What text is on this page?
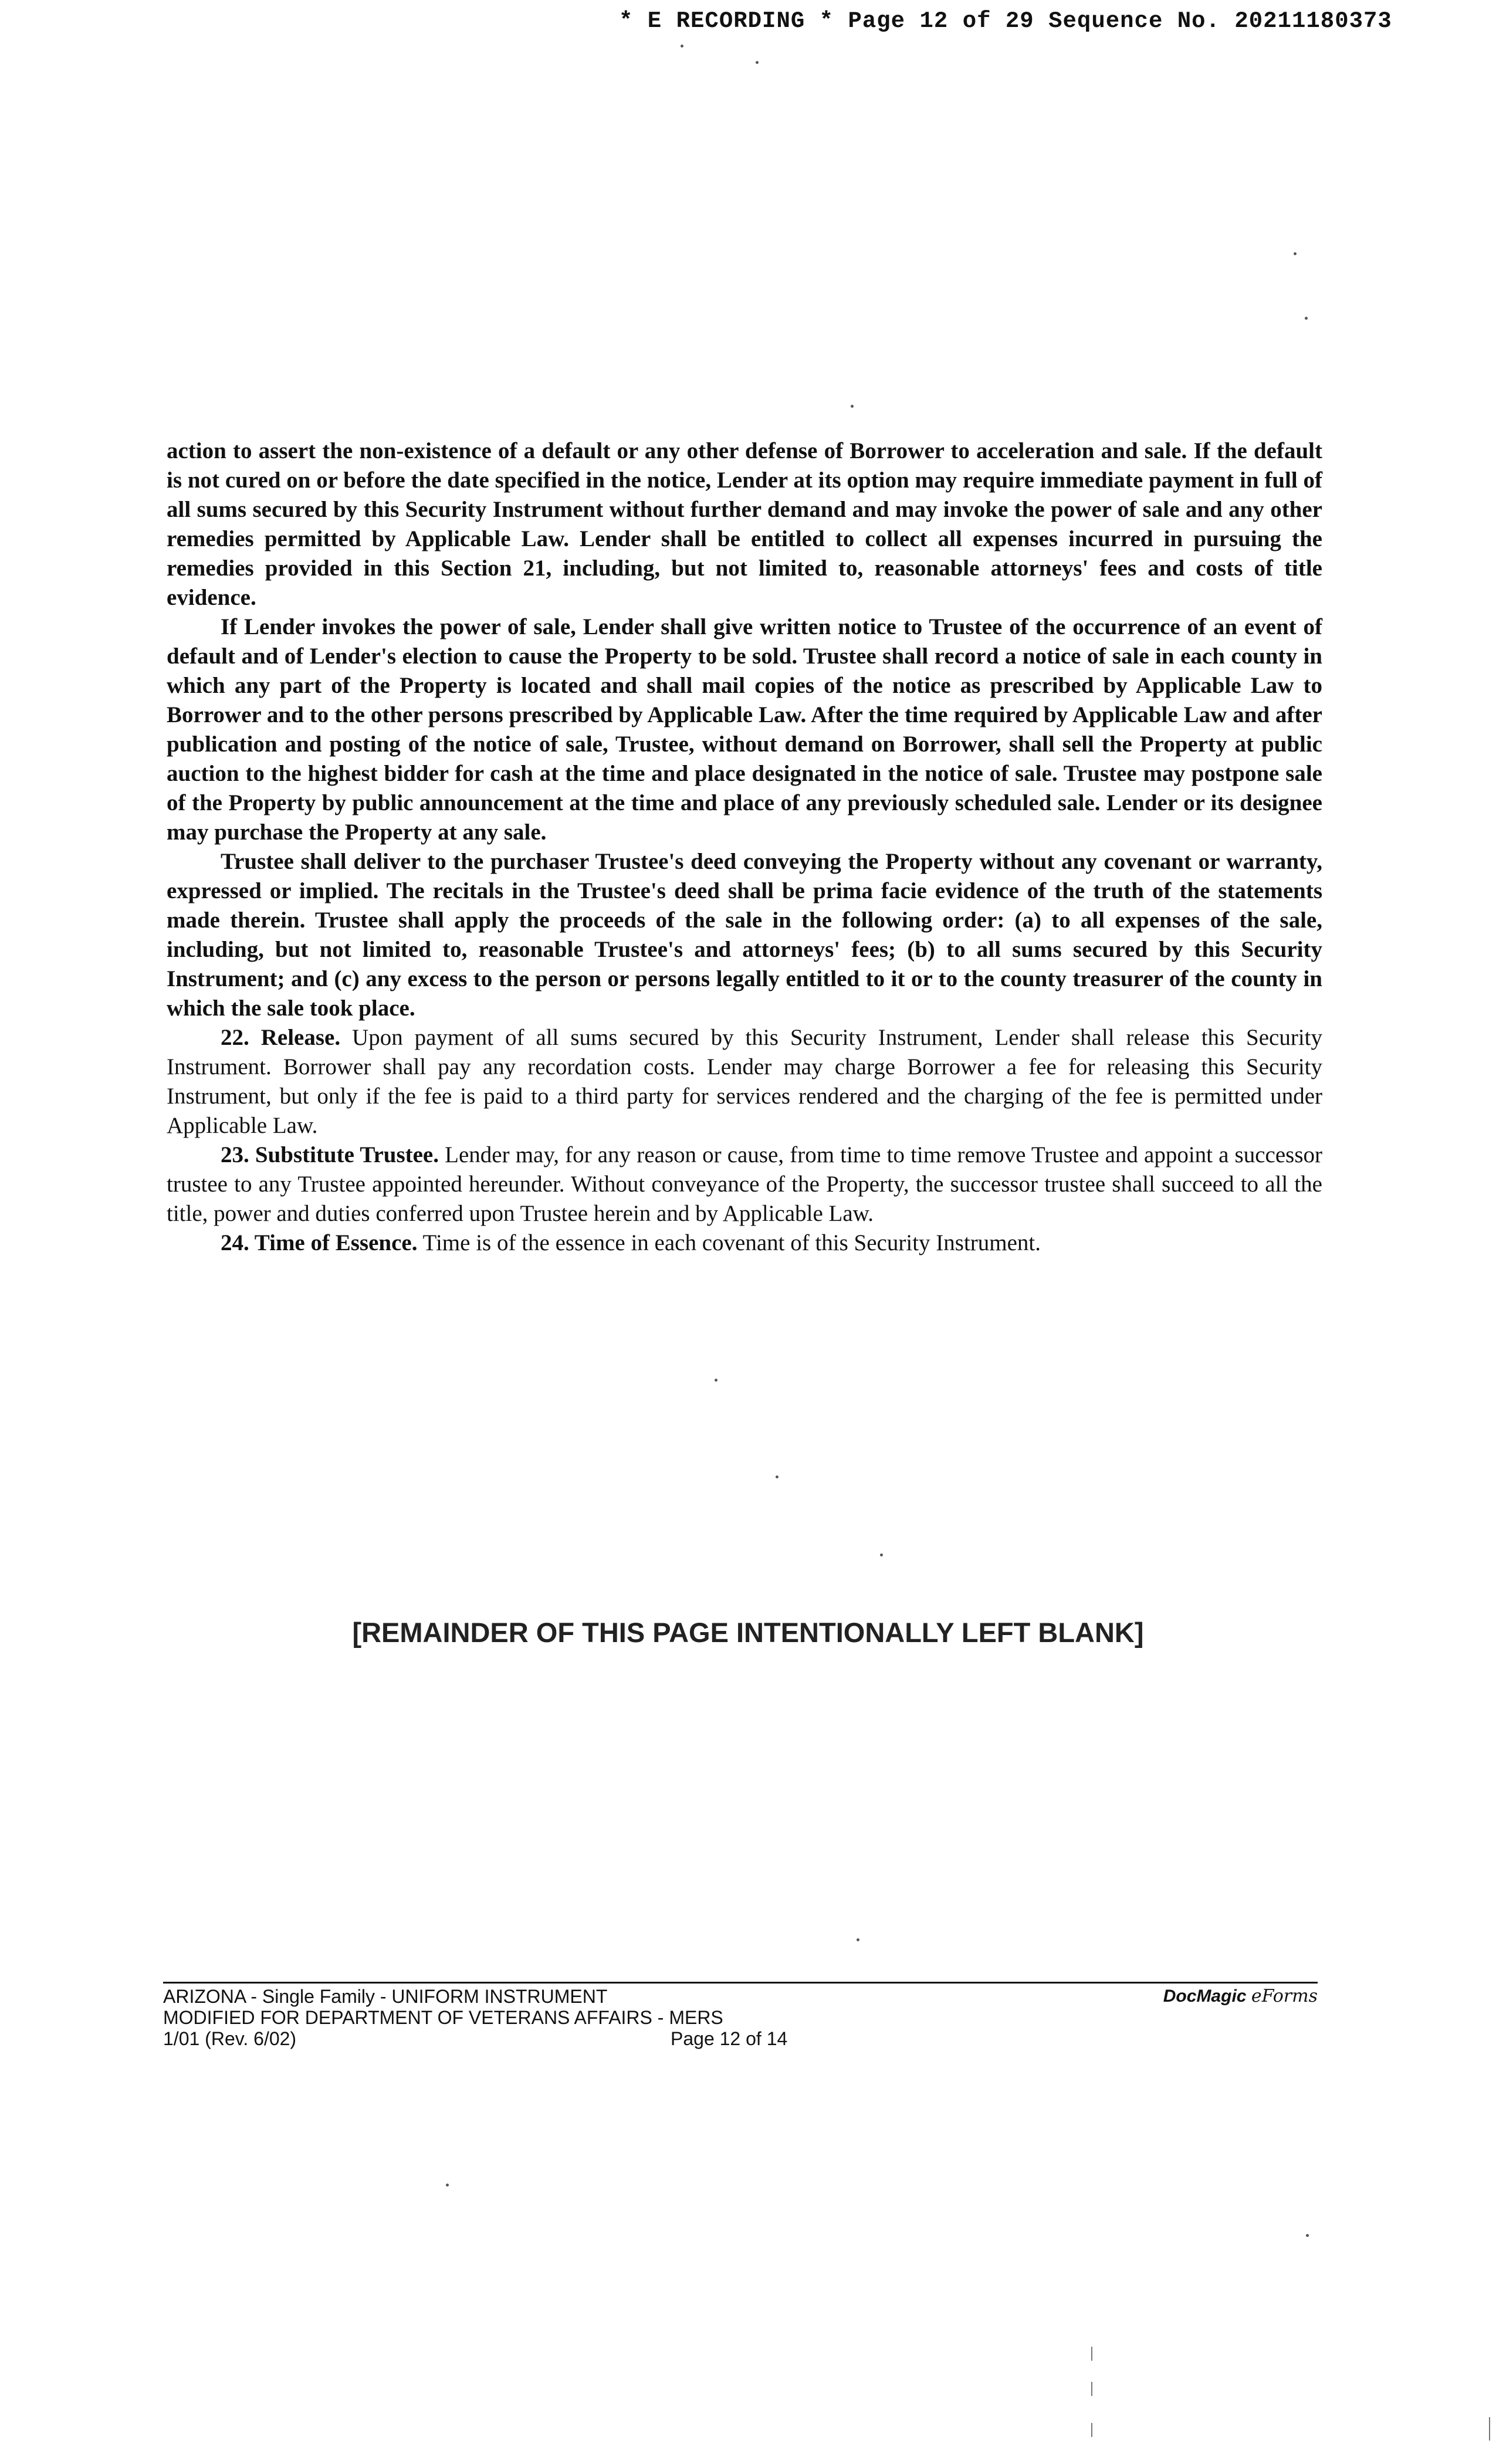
* E RECORDING * Page 12 of 29 Sequence No. 20211180373

action to assert the non-existence of a default or any other defense of Borrower to acceleration and sale. If the default is not cured on or before the date specified in the notice, Lender at its option may require immediate payment in full of all sums secured by this Security Instrument without further demand and may invoke the power of sale and any other remedies permitted by Applicable Law. Lender shall be entitled to collect all expenses incurred in pursuing the remedies provided in this Section 21, including, but not limited to, reasonable attorneys' fees and costs of title evidence.

If Lender invokes the power of sale, Lender shall give written notice to Trustee of the occurrence of an event of default and of Lender's election to cause the Property to be sold. Trustee shall record a notice of sale in each county in which any part of the Property is located and shall mail copies of the notice as prescribed by Applicable Law to Borrower and to the other persons prescribed by Applicable Law. After the time required by Applicable Law and after publication and posting of the notice of sale, Trustee, without demand on Borrower, shall sell the Property at public auction to the highest bidder for cash at the time and place designated in the notice of sale. Trustee may postpone sale of the Property by public announcement at the time and place of any previously scheduled sale. Lender or its designee may purchase the Property at any sale.

Trustee shall deliver to the purchaser Trustee's deed conveying the Property without any covenant or warranty, expressed or implied. The recitals in the Trustee's deed shall be prima facie evidence of the truth of the statements made therein. Trustee shall apply the proceeds of the sale in the following order: (a) to all expenses of the sale, including, but not limited to, reasonable Trustee's and attorneys' fees; (b) to all sums secured by this Security Instrument; and (c) any excess to the person or persons legally entitled to it or to the county treasurer of the county in which the sale took place.

22. Release. Upon payment of all sums secured by this Security Instrument, Lender shall release this Security Instrument. Borrower shall pay any recordation costs. Lender may charge Borrower a fee for releasing this Security Instrument, but only if the fee is paid to a third party for services rendered and the charging of the fee is permitted under Applicable Law.

23. Substitute Trustee. Lender may, for any reason or cause, from time to time remove Trustee and appoint a successor trustee to any Trustee appointed hereunder. Without conveyance of the Property, the successor trustee shall succeed to all the title, power and duties conferred upon Trustee herein and by Applicable Law.

24. Time of Essence. Time is of the essence in each covenant of this Security Instrument.

[REMAINDER OF THIS PAGE INTENTIONALLY LEFT BLANK]
ARIZONA - Single Family - UNIFORM INSTRUMENT	DocMagic eForms
MODIFIED FOR DEPARTMENT OF VETERANS AFFAIRS - MERS
1/01 (Rev. 6/02)	Page 12 of 14
